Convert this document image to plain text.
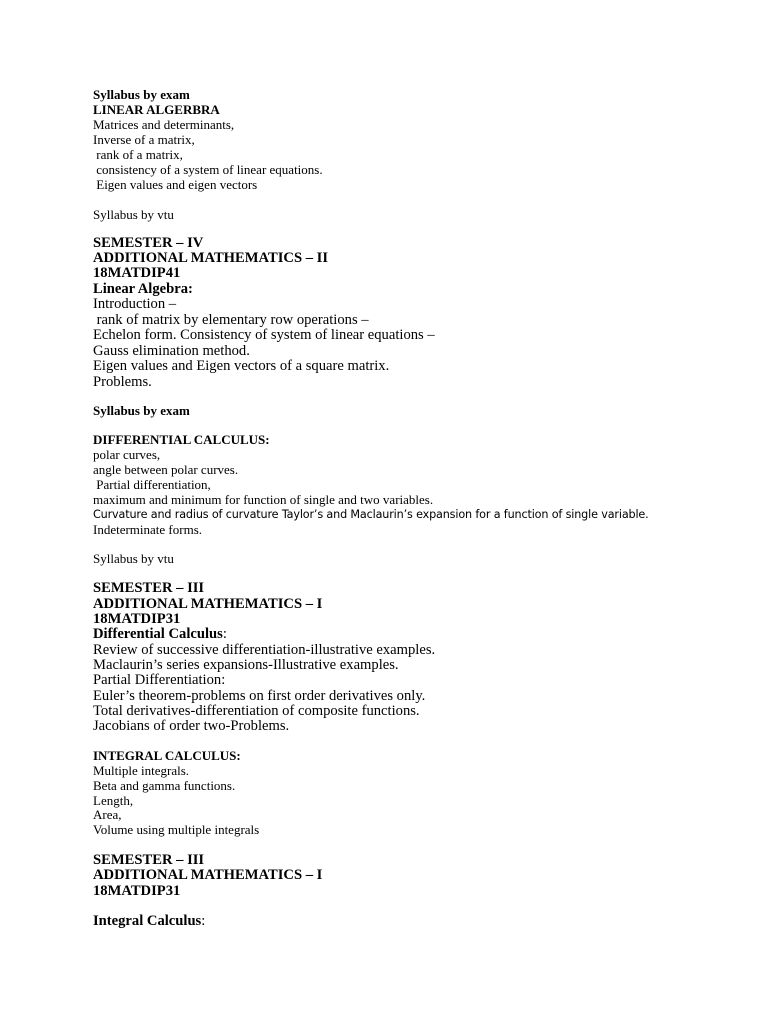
Syllabus by exam
LINEAR ALGERBRA
Matrices and determinants,
Inverse of a matrix,
rank of a matrix,
consistency of a system of linear equations.
Eigen values and eigen vectors
Syllabus by vtu
SEMESTER – IV
ADDITIONAL MATHEMATICS – II
18MATDIP41
Linear Algebra:
Introduction –
rank of matrix by elementary row operations –
Echelon form. Consistency of system of linear equations –
Gauss elimination method.
Eigen values and Eigen vectors of a square matrix.
Problems.
Syllabus by exam
DIFFERENTIAL CALCULUS:
polar curves,
angle between polar curves.
Partial differentiation,
maximum and minimum for function of single and two variables.
Curvature and radius of curvature Taylor’s and Maclaurin’s expansion for a function of single variable.
Indeterminate forms.
Syllabus by vtu
SEMESTER – III
ADDITIONAL MATHEMATICS – I
18MATDIP31
Differential Calculus:
Review of successive differentiation-illustrative examples.
Maclaurin’s series expansions-Illustrative examples.
Partial Differentiation:
Euler’s theorem-problems on first order derivatives only.
Total derivatives-differentiation of composite functions.
Jacobians of order two-Problems.
INTEGRAL CALCULUS:
Multiple integrals.
Beta and gamma functions.
Length,
Area,
Volume using multiple integrals
SEMESTER – III
ADDITIONAL MATHEMATICS – I
18MATDIP31
Integral Calculus:
